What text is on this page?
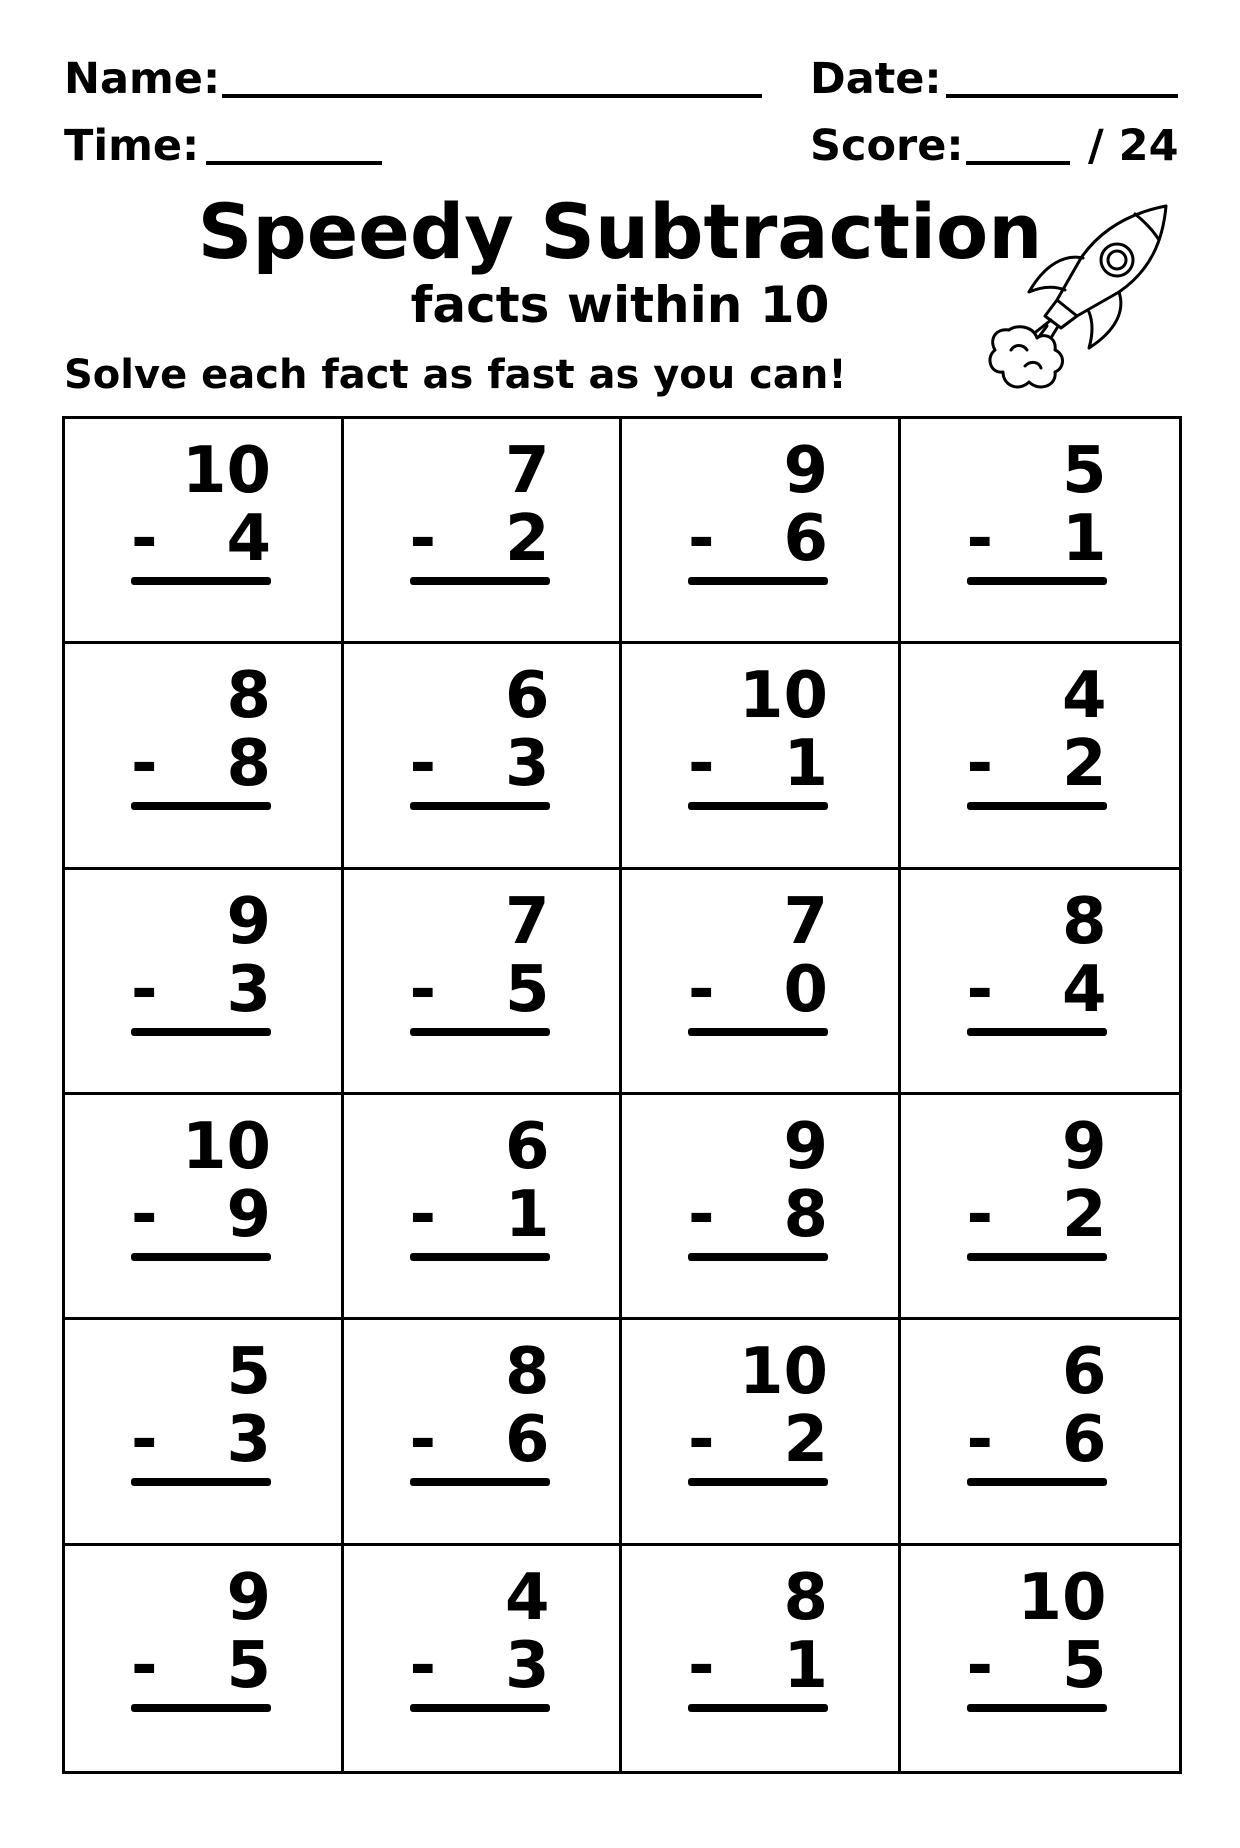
Name:	Date:
Time:	Score:	/ 24
Speedy Subtraction
facts within 10
Solve each fact as fast as you can!
10
- 4
7
- 2
9
- 6
5
- 1
8
- 8
6
- 3
10
- 1
4
- 2
9
- 3
7
- 5
7
- 0
8
- 4
10
- 9
6
- 1
9
- 8
9
- 2
5
- 3
8
- 6
10
- 2
6
- 6
9
- 5
4
- 3
8
- 1
10
- 5
